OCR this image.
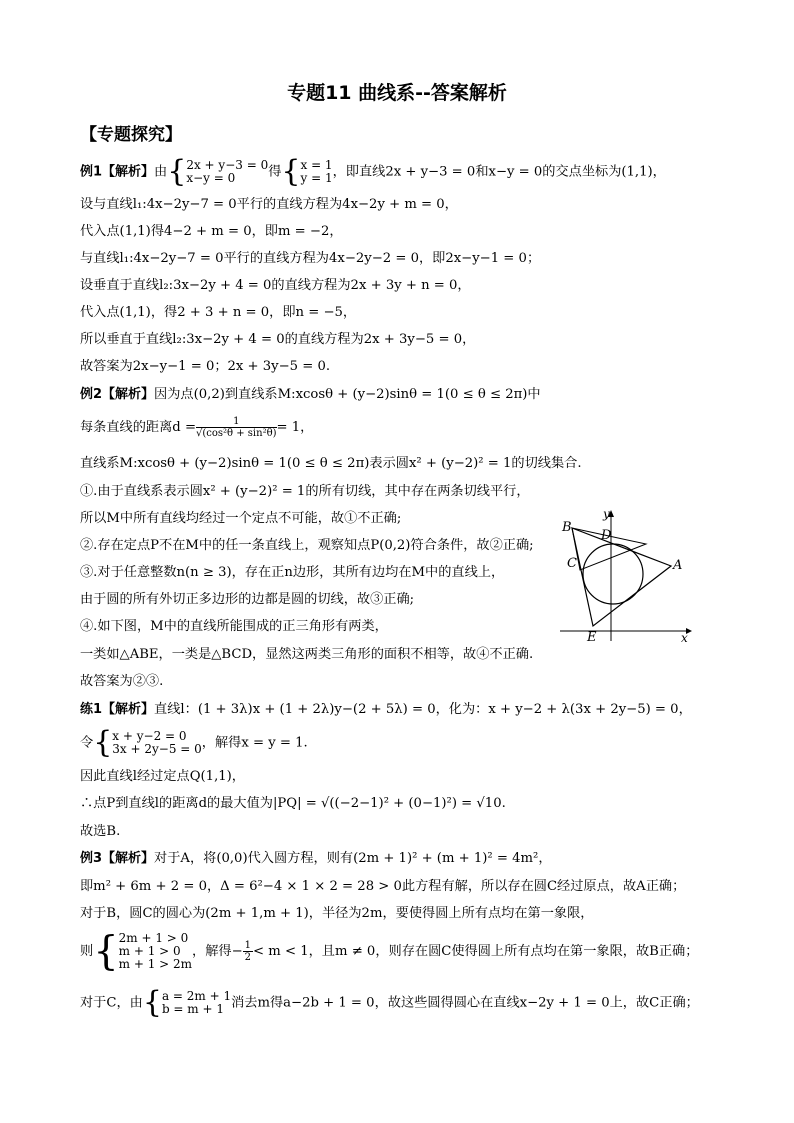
专题11 曲线系--答案解析
【专题探究】
例1【解析】由{2x + y−3 = 0
x−y = 0 得{x = 1
y = 1，即直线2x + y−3 = 0和x−y = 0的交点坐标为(1,1)，
设与直线l₁:4x−2y−7 = 0平行的直线方程为4x−2y + m = 0，
代入点(1,1)得4−2 + m = 0，即m = −2，
与直线l₁:4x−2y−7 = 0平行的直线方程为4x−2y−2 = 0，即2x−y−1 = 0；
设垂直于直线l₂:3x−2y + 4 = 0的直线方程为2x + 3y + n = 0，
代入点(1,1)，得2 + 3 + n = 0，即n = −5，
所以垂直于直线l₂:3x−2y + 4 = 0的直线方程为2x + 3y−5 = 0，
故答案为2x−y−1 = 0；2x + 3y−5 = 0.
例2【解析】因为点(0,2)到直线系M:xcosθ + (y−2)sinθ = 1(0 ≤ θ ≤ 2π)中
每条直线的距离$d = \frac{1}{\text{√(cos²θ + sin²θ)}} = 1$，
直线系M:xcosθ + (y−2)sinθ = 1(0 ≤ θ ≤ 2π)表示圆x² + (y−2)² = 1的切线集合.
①.由于直线系表示圆x² + (y−2)² = 1的所有切线，其中存在两条切线平行，
所以M中所有直线均经过一个定点不可能，故①不正确;
②.存在定点P不在M中的任一条直线上，观察知点P(0,2)符合条件，故②正确;
③.对于任意整数n(n ≥ 3)，存在正n边形，其所有边均在M中的直线上，
由于圆的所有外切正多边形的边都是圆的切线，故③正确;
④.如下图，M中的直线所能围成的正三角形有两类，
一类如△ABE，一类是△BCD，显然这两类三角形的面积不相等，故④不正确.
故答案为②③.
练1【解析】直线l：(1 + 3λ)x + (1 + 2λ)y−(2 + 5λ) = 0，化为：x + y−2 + λ(3x + 2y−5) = 0，
令{x + y−2 = 0
3x + 2y−5 = 0，解得x = y = 1.
因此直线l经过定点Q(1,1)，
∴点P到直线l的距离d的最大值为|PQ| = √((−2−1)² + (0−1)²) = √10.
故选B.
例3【解析】对于A，将(0,0)代入圆方程，则有(2m + 1)² + (m + 1)² = 4m²，
即m² + 6m + 2 = 0，Δ = 6²−4 × 1 × 2 = 28 > 0此方程有解，所以存在圆C经过原点，故A正确；
对于B，圆C的圆心为(2m + 1,m + 1)，半径为2m，要使得圆上所有点均在第一象限，
则{2m + 1 > 0
m + 1 > 0
m + 1 > 2m，解得− $\frac{1}{2} < m < 1$，且m ≠ 0，则存在圆C使得圆上所有点均在第一象限，故B正确；
对于C，由{a = 2m + 1
b = m + 1 消去m得a−2b + 1 = 0，故这些圆得圆心在直线x−2y + 1 = 0上，故C正确；
B
D
C	A
E	x
y
